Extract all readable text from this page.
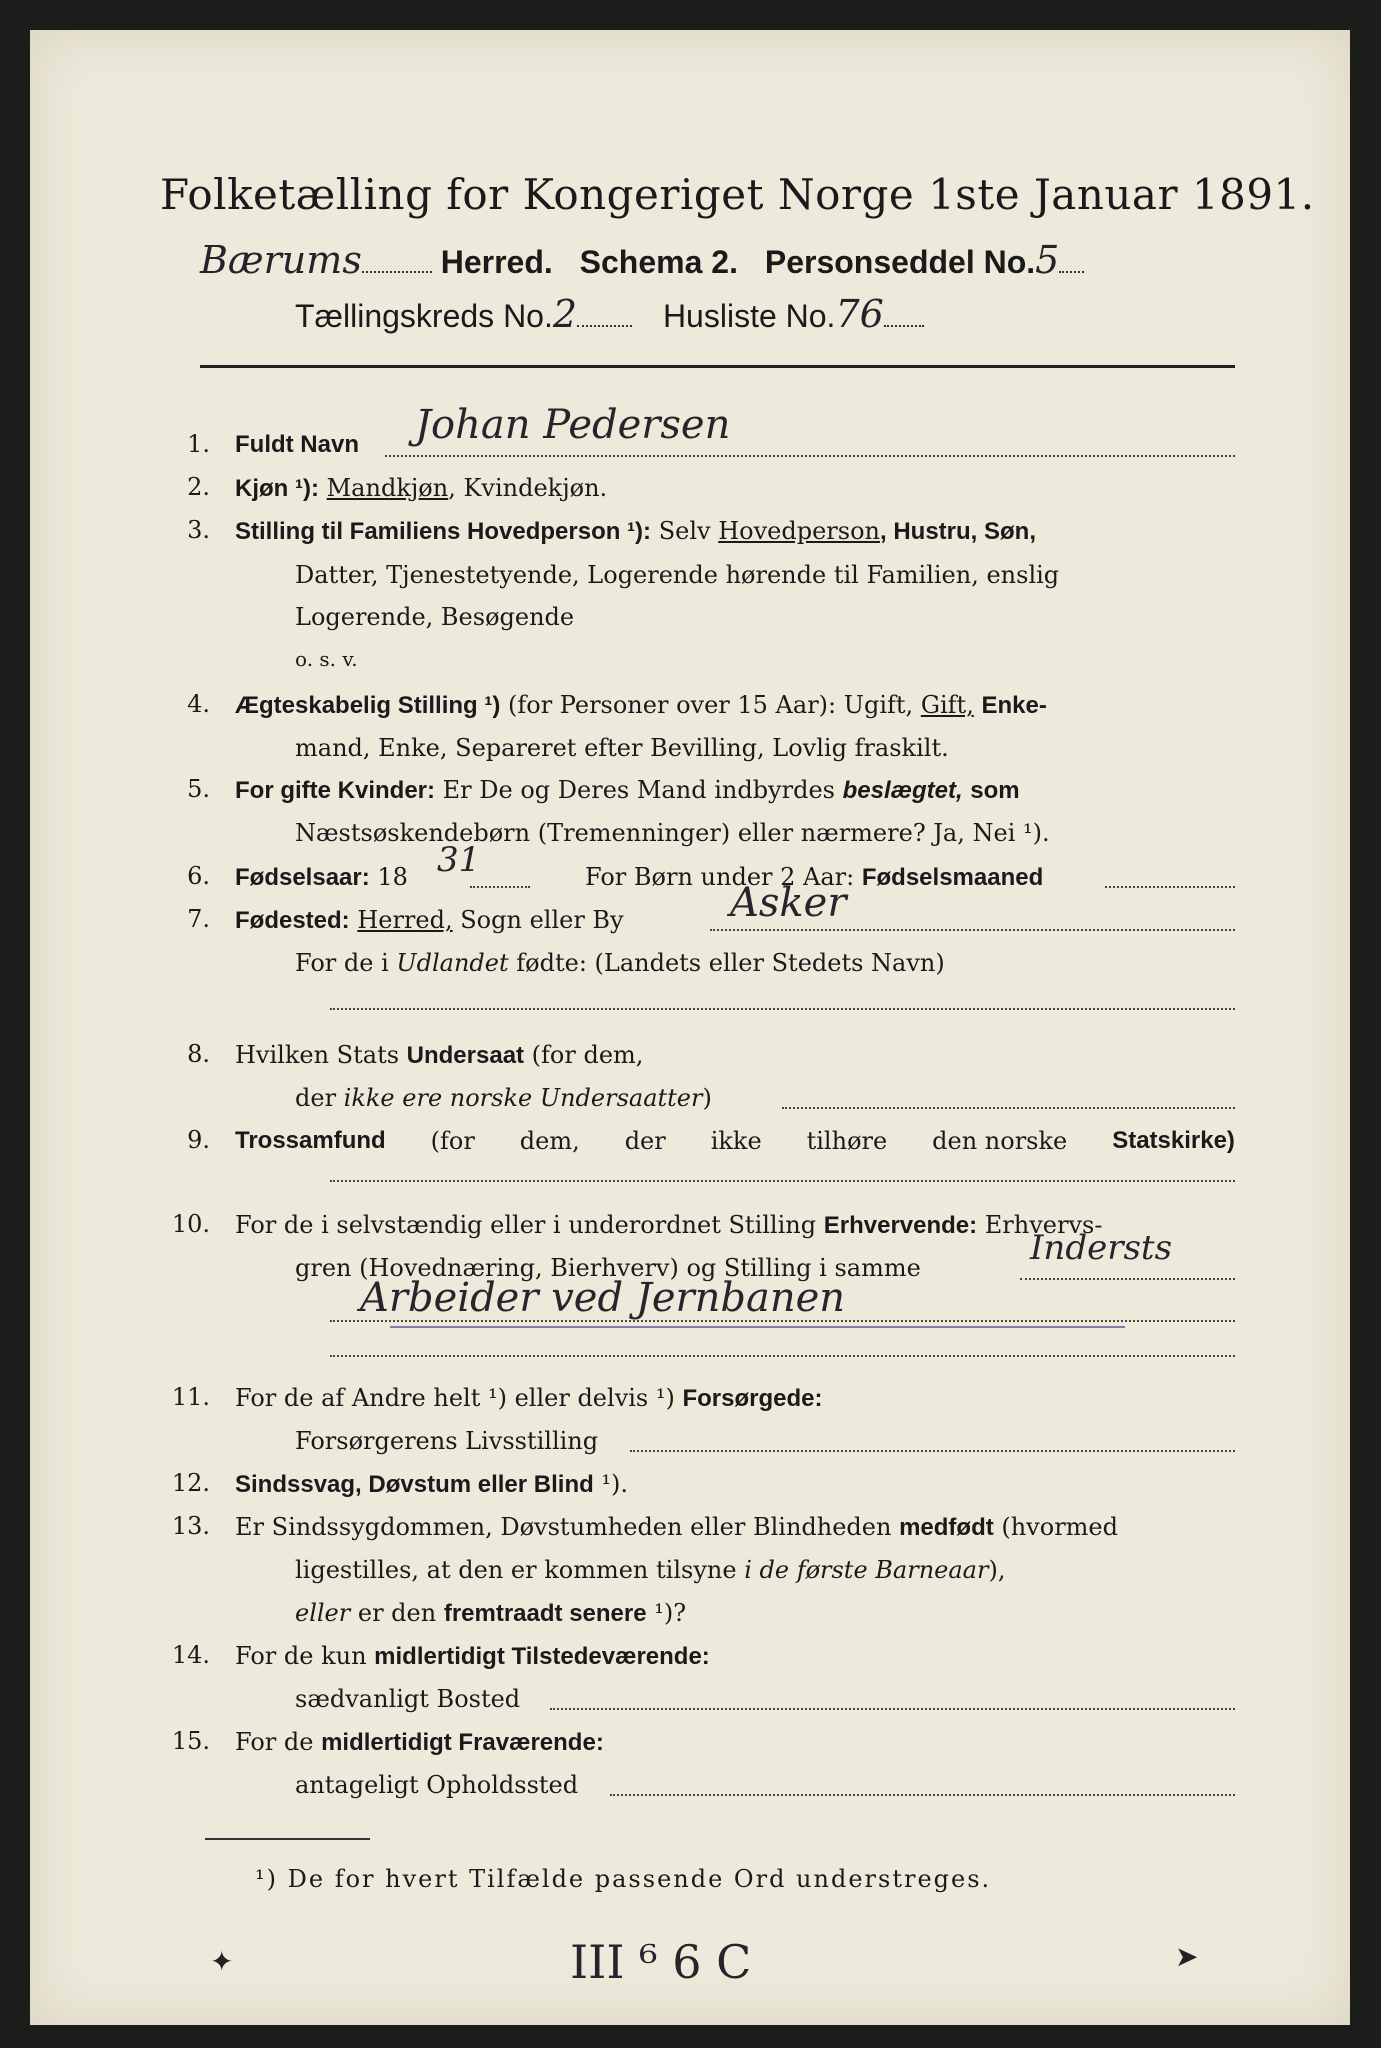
Folketælling for Kongeriget Norge 1ste Januar 1891.
Bærums Herred. Schema 2. Personseddel No.5
Tællingskreds No.2	Husliste No.76
1. Fuldt Navn Johan Pedersen
2. Kjøn ¹): Mandkjøn, Kvindekjøn.
3. Stilling til Familiens Hovedperson ¹): Selv Hovedperson, Hustru, Søn,
Datter, Tjenestetyende, Logerende hørende til Familien, enslig
Logerende, Besøgende
o. s. v.
4. Ægteskabelig Stilling ¹) (for Personer over 15 Aar): Ugift, Gift, Enke-
mand, Enke, Separeret efter Bevilling, Lovlig fraskilt.
5. For gifte Kvinder: Er De og Deres Mand indbyrdes beslægtet, som
Næstsøskendebørn (Tremenninger) eller nærmere? Ja, Nei ¹).
6. Fødselsaar: 18 31	For Børn under 2 Aar: Fødselsmaaned
7. Fødested: Herred, Sogn eller By	Asker
For de i Udlandet fødte: (Landets eller Stedets Navn)
8. Hvilken Stats Undersaat (for dem,
der ikke ere norske Undersaatter)
9. Trossamfund (for dem, der ikke tilhøre den norske Statskirke)
10. For de i selvstændig eller i underordnet Stilling Erhvervende: Erhvervs-
gren (Hovednæring, Bierhverv) og Stilling i samme	Indersts
Arbeider ved Jernbanen
11. For de af Andre helt ¹) eller delvis ¹) Forsørgede:
Forsørgerens Livsstilling
12. Sindssvag, Døvstum eller Blind ¹).
13. Er Sindssygdommen, Døvstumheden eller Blindheden medfødt (hvormed
ligestilles, at den er kommen tilsyne i de første Barneaar),
eller er den fremtraadt senere ¹)?
14. For de kun midlertidigt Tilstedeværende:
sædvanligt Bosted
15. For de midlertidigt Fraværende:
antageligt Opholdssted
¹) De for hvert Tilfælde passende Ord understreges.
✦	III ⁶ 6 C	➤
